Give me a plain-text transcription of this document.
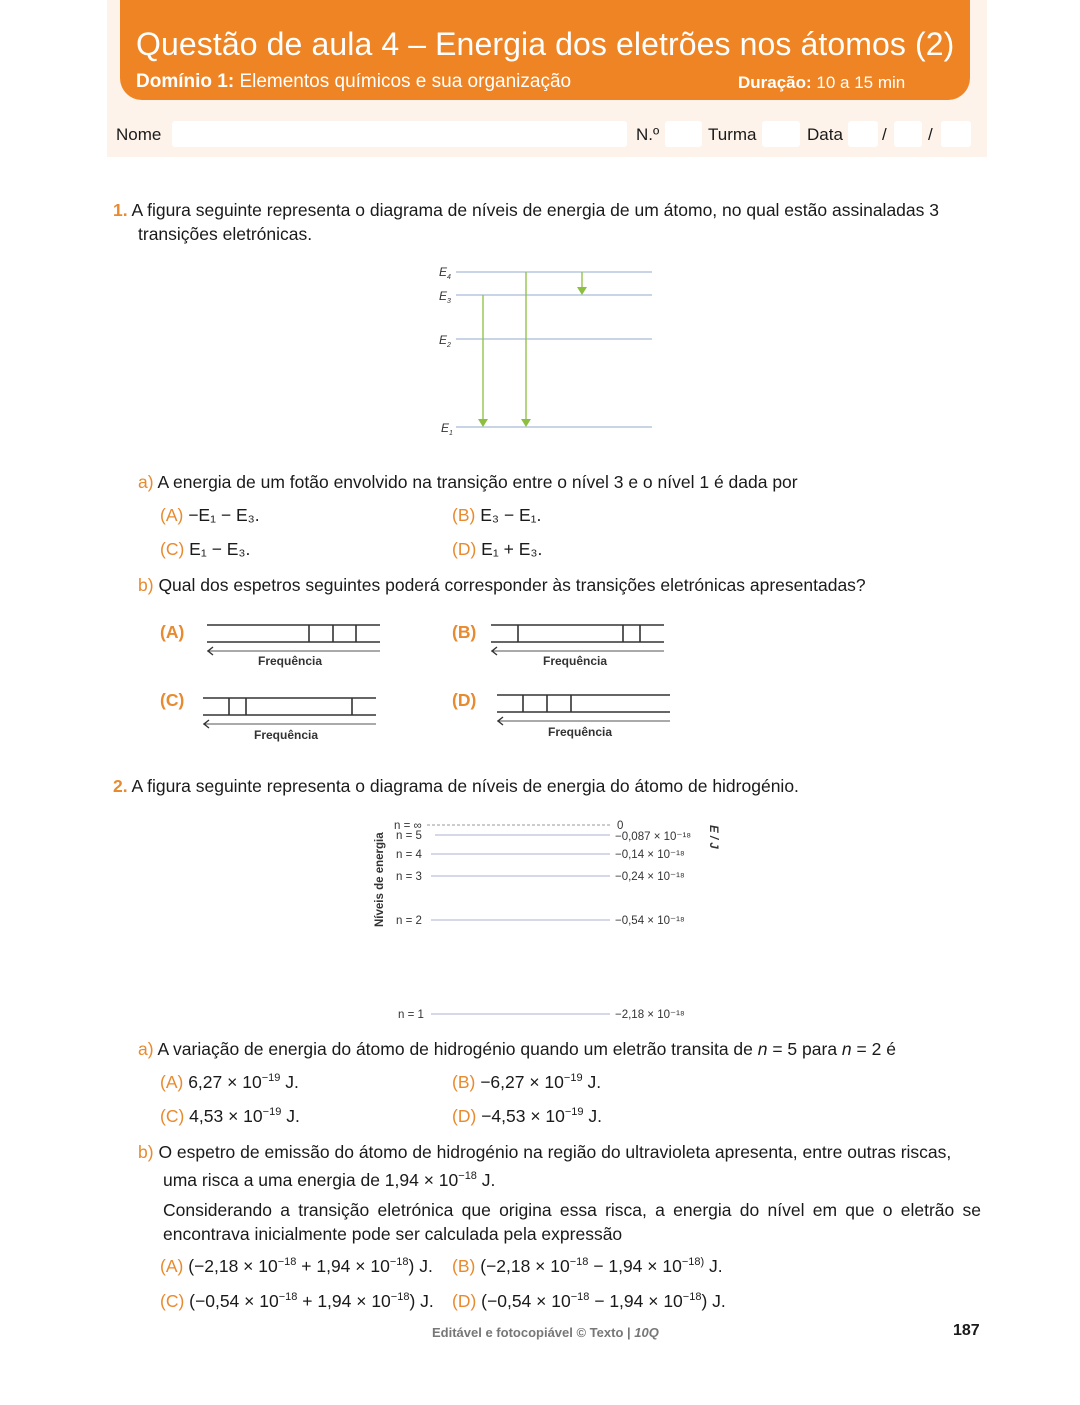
Questão de aula 4 – Energia dos eletrões nos átomos (2)
Domínio 1: Elementos químicos e sua organização	Duração: 10 a 15 min
Nome	N.º	Turma	Data / /
1. A figura seguinte representa o diagrama de níveis de energia de um átomo, no qual estão assinaladas 3
transições eletrónicas.
$E_4$
$E_3$
$E_2$
$E_1$
a) A energia de um fotão envolvido na transição entre o nível 3 e o nível 1 é dada por
(A) −E₁ − E₃.	(B) E₃ − E₁.
(C) E₁ − E₃.	(D) E₁ + E₃.
b) Qual dos espetros seguintes poderá corresponder às transições eletrónicas apresentadas?
(A)
Frequência
(B)
Frequência
(C)
Frequência
(D)
Frequência
2. A figura seguinte representa o diagrama de níveis de energia do átomo de hidrogénio.
Níveis de energia	E / J
n = ∞
n = 5
n = 4
n = 3
n = 2
n = 1
0
−0,087 × 10⁻¹⁸
−0,14 × 10⁻¹⁸
−0,24 × 10⁻¹⁸
−0,54 × 10⁻¹⁸
−2,18 × 10⁻¹⁸
a) A variação de energia do átomo de hidrogénio quando um eletrão transita de n = 5 para n = 2 é
(A) $6,27 \times 10^{-19}$ J.	$(B) -6,27 \times 10^{-19}$ J.
(C) $4,53 \times 10^{-19}$ J.	$(D) -4,53 \times 10^{-19}$ J.
b) O espetro de emissão do átomo de hidrogénio na região do ultravioleta apresenta, entre outras riscas,
uma risca a uma energia de $1,94 \times 10^{-18}$ J.
Considerando a transição eletrónica que origina essa risca, a energia do nível em que o eletrão se encontrava inicialmente pode ser calculada pela expressão
(A) $(-2,18 \times 10^{-18} + 1,94 \times 10^{-18})$ J. (B) ($-2,18 \times 10^{-18} - 1,94 \times 10^{-18)}$ J.
(C) $(-0,54 \times 10^{-18} + 1,94 \times 10^{-18})$ J. (D) $(-0,54 \times 10^{-18} - 1,94 \times 10^{-18})$ J.
Editável e fotocopiável © Texto | 10Q	187
